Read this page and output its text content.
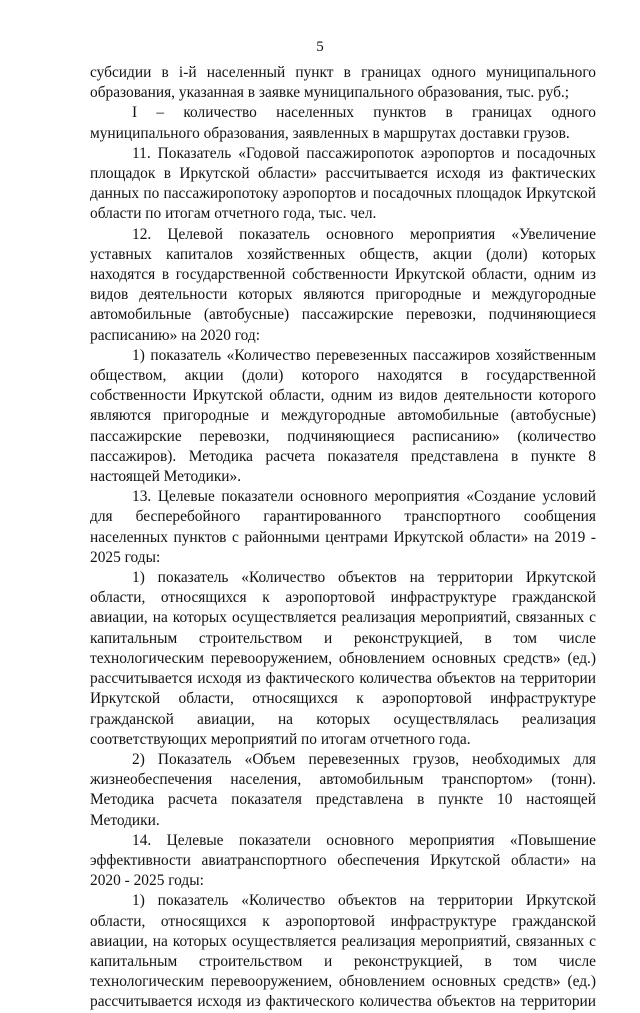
5

субсидии в i-й населенный пункт в границах одного муниципального образования, указанная в заявке муниципального образования, тыс. руб.;

I – количество населенных пунктов в границах одного муниципального образования, заявленных в маршрутах доставки грузов.

11. Показатель «Годовой пассажиропоток аэропортов и посадочных площадок в Иркутской области» рассчитывается исходя из фактических данных по пассажиропотоку аэропортов и посадочных площадок Иркутской области по итогам отчетного года, тыс. чел.

12. Целевой показатель основного мероприятия «Увеличение уставных капиталов хозяйственных обществ, акции (доли) которых находятся в государственной собственности Иркутской области, одним из видов деятельности которых являются пригородные и междугородные автомобильные (автобусные) пассажирские перевозки, подчиняющиеся расписанию» на 2020 год:

1) показатель «Количество перевезенных пассажиров хозяйственным обществом, акции (доли) которого находятся в государственной собственности Иркутской области, одним из видов деятельности которого являются пригородные и междугородные автомобильные (автобусные) пассажирские перевозки, подчиняющиеся расписанию» (количество пассажиров). Методика расчета показателя представлена в пункте 8 настоящей Методики».

13. Целевые показатели основного мероприятия «Создание условий для бесперебойного гарантированного транспортного сообщения населенных пунктов с районными центрами Иркутской области» на 2019 - 2025 годы:

1) показатель «Количество объектов на территории Иркутской области, относящихся к аэропортовой инфраструктуре гражданской авиации, на которых осуществляется реализация мероприятий, связанных с капитальным строительством и реконструкцией, в том числе технологическим перевооружением, обновлением основных средств» (ед.) рассчитывается исходя из фактического количества объектов на территории Иркутской области, относящихся к аэропортовой инфраструктуре гражданской авиации, на которых осуществлялась реализация соответствующих мероприятий по итогам отчетного года.

2) Показатель «Объем перевезенных грузов, необходимых для жизнеобеспечения населения, автомобильным транспортом» (тонн). Методика расчета показателя представлена в пункте 10 настоящей Методики.

14. Целевые показатели основного мероприятия «Повышение эффективности авиатранспортного обеспечения Иркутской области» на 2020 - 2025 годы:

1) показатель «Количество объектов на территории Иркутской области, относящихся к аэропортовой инфраструктуре гражданской авиации, на которых осуществляется реализация мероприятий, связанных с капитальным строительством и реконструкцией, в том числе технологическим перевооружением, обновлением основных средств» (ед.) рассчитывается исходя из фактического количества объектов на территории
